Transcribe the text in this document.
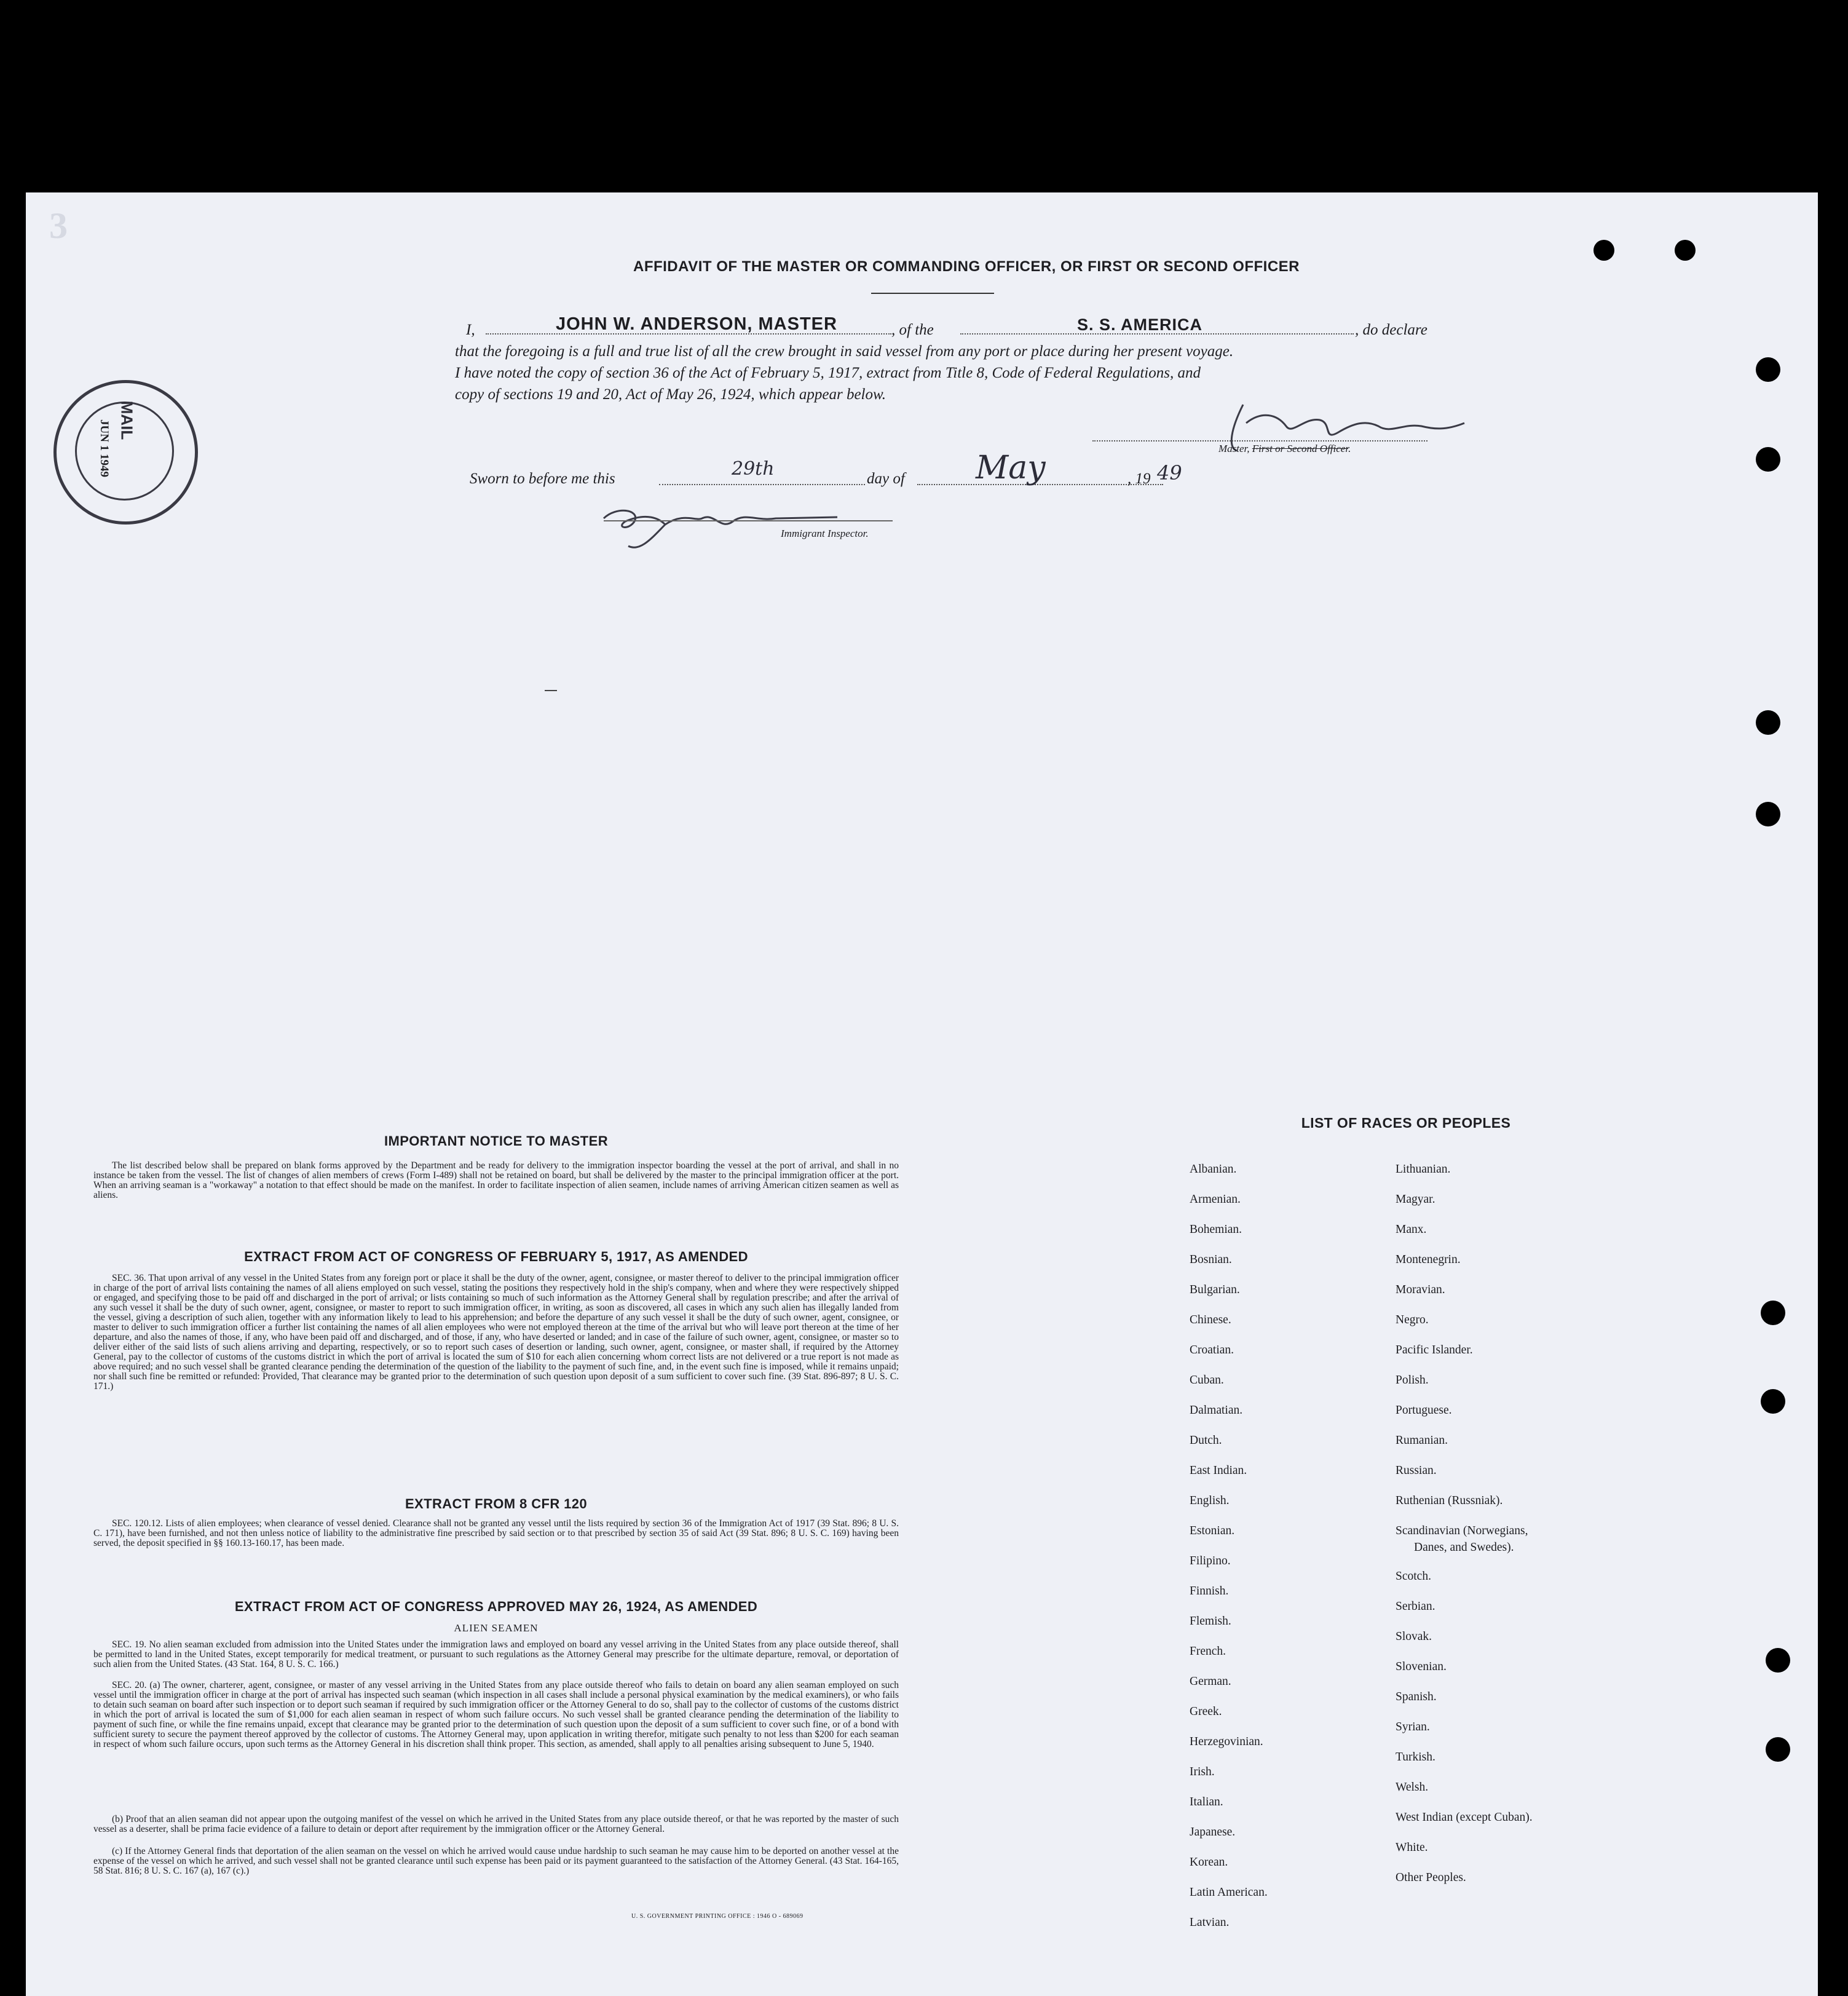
3
AFFIDAVIT OF THE MASTER OR COMMANDING OFFICER, OR FIRST OR SECOND OFFICER
I,	JOHN W. ANDERSON, MASTER	, of the	S. S. AMERICA	, do declare
that the foregoing is a full and true list of all the crew brought in said vessel from any port or place during her present voyage.
I have noted the copy of section 36 of the Act of February 5, 1917, extract from Title 8, Code of Federal Regulations, and
copy of sections 19 and 20, Act of May 26, 1924, which appear below.
Master, First or Second Officer.
Sworn to before me this	29th	day of May	, 19 49
Immigrant Inspector.
MAIL
JUN 1 1949
IMPORTANT NOTICE TO MASTER
The list described below shall be prepared on blank forms approved by the Department and be ready for delivery to the immigration inspector boarding the vessel at the port of arrival, and shall in no instance be taken from the vessel. The list of changes of alien members of crews (Form I-489) shall not be retained on board, but shall be delivered by the master to the principal immigration officer at the port. When an arriving seaman is a "workaway" a notation to that effect should be made on the manifest. In order to facilitate inspection of alien seamen, include names of arriving American citizen seamen as well as aliens.
EXTRACT FROM ACT OF CONGRESS OF FEBRUARY 5, 1917, AS AMENDED
SEC. 36. That upon arrival of any vessel in the United States from any foreign port or place it shall be the duty of the owner, agent, consignee, or master thereof to deliver to the principal immigration officer in charge of the port of arrival lists containing the names of all aliens employed on such vessel, stating the positions they respectively hold in the ship's company, when and where they were respectively shipped or engaged, and specifying those to be paid off and discharged in the port of arrival; or lists containing so much of such information as the Attorney General shall by regulation prescribe; and after the arrival of any such vessel it shall be the duty of such owner, agent, consignee, or master to report to such immigration officer, in writing, as soon as discovered, all cases in which any such alien has illegally landed from the vessel, giving a description of such alien, together with any information likely to lead to his apprehension; and before the departure of any such vessel it shall be the duty of such owner, agent, consignee, or master to deliver to such immigration officer a further list containing the names of all alien employees who were not employed thereon at the time of the arrival but who will leave port thereon at the time of her departure, and also the names of those, if any, who have been paid off and discharged, and of those, if any, who have deserted or landed; and in case of the failure of such owner, agent, consignee, or master so to deliver either of the said lists of such aliens arriving and departing, respectively, or so to report such cases of desertion or landing, such owner, agent, consignee, or master shall, if required by the Attorney General, pay to the collector of customs of the customs district in which the port of arrival is located the sum of $10 for each alien concerning whom correct lists are not delivered or a true report is not made as above required; and no such vessel shall be granted clearance pending the determination of the question of the liability to the payment of such fine, and, in the event such fine is imposed, while it remains unpaid; nor shall such fine be remitted or refunded: Provided, That clearance may be granted prior to the determination of such question upon deposit of a sum sufficient to cover such fine. (39 Stat. 896-897; 8 U. S. C. 171.)
EXTRACT FROM 8 CFR 120
SEC. 120.12. Lists of alien employees; when clearance of vessel denied. Clearance shall not be granted any vessel until the lists required by section 36 of the Immigration Act of 1917 (39 Stat. 896; 8 U. S. C. 171), have been furnished, and not then unless notice of liability to the administrative fine prescribed by said section or to that prescribed by section 35 of said Act (39 Stat. 896; 8 U. S. C. 169) having been served, the deposit specified in §§ 160.13-160.17, has been made.
EXTRACT FROM ACT OF CONGRESS APPROVED MAY 26, 1924, AS AMENDED
ALIEN SEAMEN
SEC. 19. No alien seaman excluded from admission into the United States under the immigration laws and employed on board any vessel arriving in the United States from any place outside thereof, shall be permitted to land in the United States, except temporarily for medical treatment, or pursuant to such regulations as the Attorney General may prescribe for the ultimate departure, removal, or deportation of such alien from the United States. (43 Stat. 164, 8 U. S. C. 166.)
SEC. 20. (a) The owner, charterer, agent, consignee, or master of any vessel arriving in the United States from any place outside thereof who fails to detain on board any alien seaman employed on such vessel until the immigration officer in charge at the port of arrival has inspected such seaman (which inspection in all cases shall include a personal physical examination by the medical examiners), or who fails to detain such seaman on board after such inspection or to deport such seaman if required by such immigration officer or the Attorney General to do so, shall pay to the collector of customs of the customs district in which the port of arrival is located the sum of $1,000 for each alien seaman in respect of whom such failure occurs. No such vessel shall be granted clearance pending the determination of the liability to payment of such fine, or while the fine remains unpaid, except that clearance may be granted prior to the determination of such question upon the deposit of a sum sufficient to cover such fine, or of a bond with sufficient surety to secure the payment thereof approved by the collector of customs. The Attorney General may, upon application in writing therefor, mitigate such penalty to not less than $200 for each seaman in respect of whom such failure occurs, upon such terms as the Attorney General in his discretion shall think proper. This section, as amended, shall apply to all penalties arising subsequent to June 5, 1940.
(b) Proof that an alien seaman did not appear upon the outgoing manifest of the vessel on which he arrived in the United States from any place outside thereof, or that he was reported by the master of such vessel as a deserter, shall be prima facie evidence of a failure to detain or deport after requirement by the immigration officer or the Attorney General.
(c) If the Attorney General finds that deportation of the alien seaman on the vessel on which he arrived would cause undue hardship to such seaman he may cause him to be deported on another vessel at the expense of the vessel on which he arrived, and such vessel shall not be granted clearance until such expense has been paid or its payment guaranteed to the satisfaction of the Attorney General. (43 Stat. 164-165, 58 Stat. 816; 8 U. S. C. 167 (a), 167 (c).)
U. S. GOVERNMENT PRINTING OFFICE : 1946 O - 689069
LIST OF RACES OR PEOPLES
Albanian.
Armenian.
Bohemian.
Bosnian.
Bulgarian.
Chinese.
Croatian.
Cuban.
Dalmatian.
Dutch.
East Indian.
English.
Estonian.
Filipino.
Finnish.
Flemish.
French.
German.
Greek.
Herzegovinian.
Irish.
Italian.
Japanese.
Korean.
Latin American.
Latvian.
Lithuanian.
Magyar.
Manx.
Montenegrin.
Moravian.
Negro.
Pacific Islander.
Polish.
Portuguese.
Rumanian.
Russian.
Ruthenian (Russniak).
Scandinavian (Norwegians,
Danes, and Swedes).
Scotch.
Serbian.
Slovak.
Slovenian.
Spanish.
Syrian.
Turkish.
Welsh.
West Indian (except Cuban).
White.
Other Peoples.
